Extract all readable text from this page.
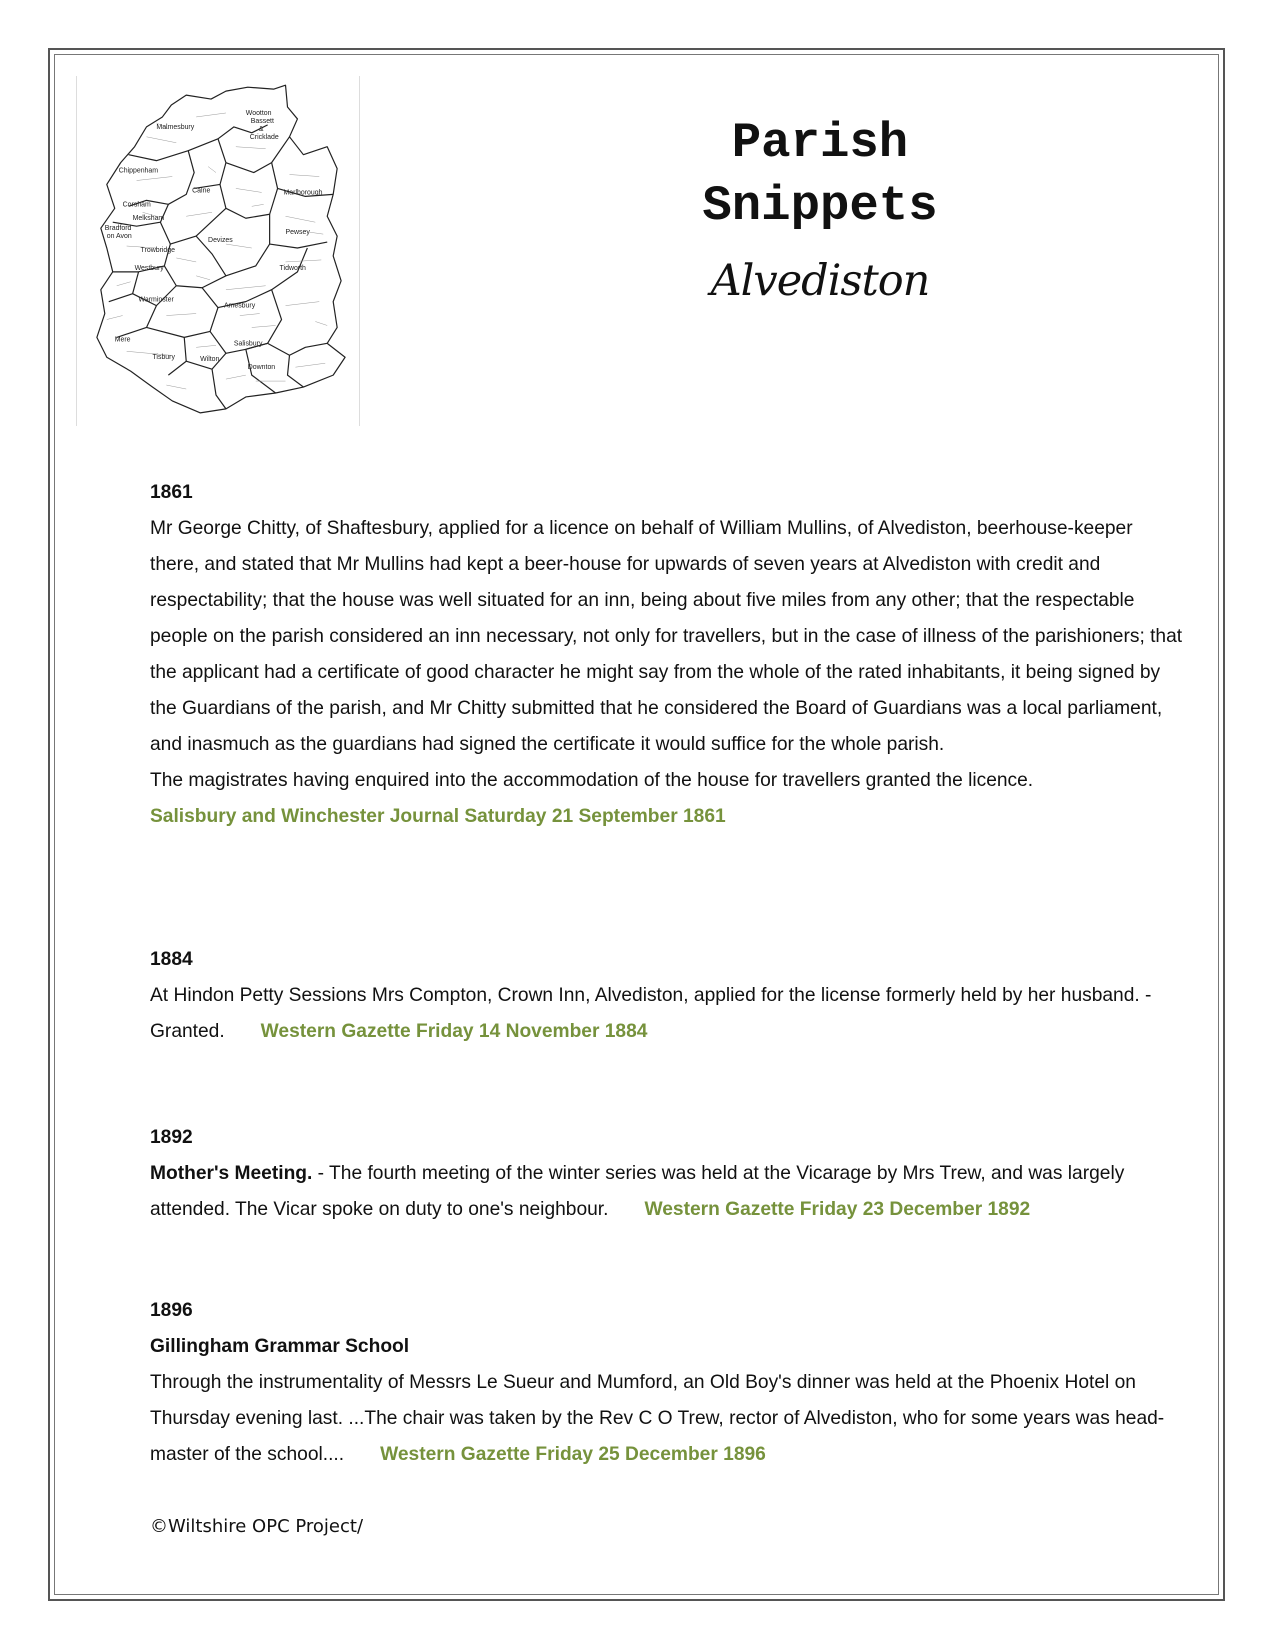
Malmesbury
Wootton
Bassett
&
Cricklade
Chippenham
Calne	Marlborough
Corsham
Melksham
Bradford
on Avon
Devizes
Pewsey
Trowbridge
Westbury	Tidworth
Warminster
Amesbury
Mere
Tisbury	Wilton
Salisbury
Downton
Parish
Snippets
Alvediston

1861

Mr George Chitty, of Shaftesbury, applied for a licence on behalf of William Mullins, of Alvediston, beerhouse-keeper there, and stated that Mr Mullins had kept a beer-house for upwards of seven years at Alvediston with credit and respectability; that the house was well situated for an inn, being about five miles from any other; that the respectable people on the parish considered an inn necessary, not only for travellers, but in the case of illness of the parishioners; that the applicant had a certificate of good character he might say from the whole of the rated inhabitants, it being signed by the Guardians of the parish, and Mr Chitty submitted that he considered the Board of Guardians was a local parliament, and inasmuch as the guardians had signed the certificate it would suffice for the whole parish.

The magistrates having enquired into the accommodation of the house for travellers granted the licence.

Salisbury and Winchester Journal Saturday 21 September 1861

1884

At Hindon Petty Sessions Mrs Compton, Crown Inn, Alvediston, applied for the license formerly held by her husband. - Granted. Western Gazette Friday 14 November 1884

1892

Mother's Meeting. - The fourth meeting of the winter series was held at the Vicarage by Mrs Trew, and was largely attended. The Vicar spoke on duty to one's neighbour. Western Gazette Friday 23 December 1892

1896

Gillingham Grammar School

Through the instrumentality of Messrs Le Sueur and Mumford, an Old Boy's dinner was held at the Phoenix Hotel on Thursday evening last. ...The chair was taken by the Rev C O Trew, rector of Alvediston, who for some years was head-master of the school.... Western Gazette Friday 25 December 1896

©Wiltshire OPC Project/
